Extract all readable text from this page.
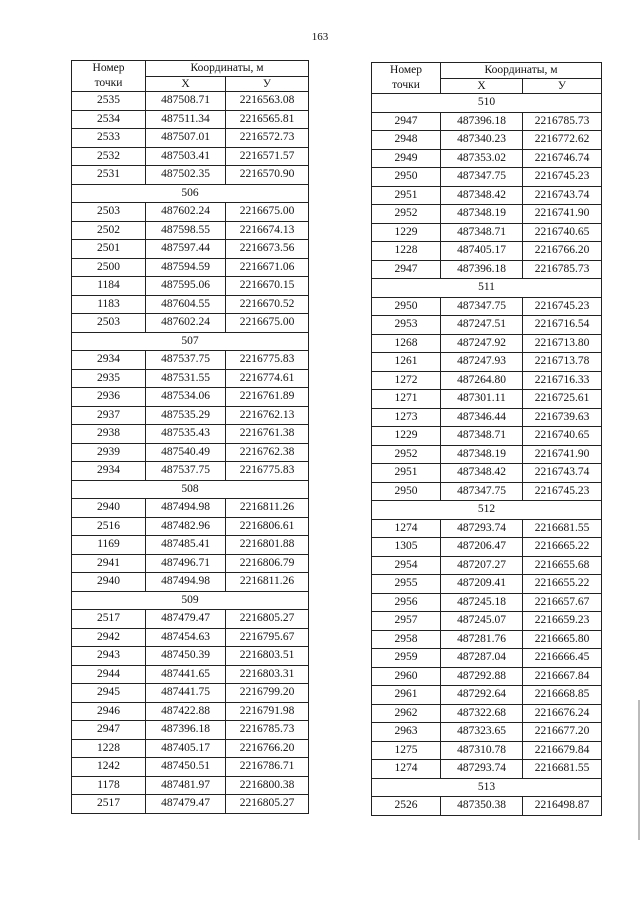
163
Номер
точки	Координаты, м	
	Х	У
2535	487508.71	2216563.08
2534	487511.34	2216565.81
2533	487507.01	2216572.73
2532	487503.41	2216571.57
2531	487502.35	2216570.90
506		
2503	487602.24	2216675.00
2502	487598.55	2216674.13
2501	487597.44	2216673.56
2500	487594.59	2216671.06
1184	487595.06	2216670.15
1183	487604.55	2216670.52
2503	487602.24	2216675.00
507		
2934	487537.75	2216775.83
2935	487531.55	2216774.61
2936	487534.06	2216761.89
2937	487535.29	2216762.13
2938	487535.43	2216761.38
2939	487540.49	2216762.38
2934	487537.75	2216775.83
508		
2940	487494.98	2216811.26
2516	487482.96	2216806.61
1169	487485.41	2216801.88
2941	487496.71	2216806.79
2940	487494.98	2216811.26
509		
2517	487479.47	2216805.27
2942	487454.63	2216795.67
2943	487450.39	2216803.51
2944	487441.65	2216803.31
2945	487441.75	2216799.20
2946	487422.88	2216791.98
2947	487396.18	2216785.73
1228	487405.17	2216766.20
1242	487450.51	2216786.71
1178	487481.97	2216800.38
2517	487479.47	2216805.27
Номер
точки	Координаты, м	
	Х	У
510		
2947	487396.18	2216785.73
2948	487340.23	2216772.62
2949	487353.02	2216746.74
2950	487347.75	2216745.23
2951	487348.42	2216743.74
2952	487348.19	2216741.90
1229	487348.71	2216740.65
1228	487405.17	2216766.20
2947	487396.18	2216785.73
511		
2950	487347.75	2216745.23
2953	487247.51	2216716.54
1268	487247.92	2216713.80
1261	487247.93	2216713.78
1272	487264.80	2216716.33
1271	487301.11	2216725.61
1273	487346.44	2216739.63
1229	487348.71	2216740.65
2952	487348.19	2216741.90
2951	487348.42	2216743.74
2950	487347.75	2216745.23
512		
1274	487293.74	2216681.55
1305	487206.47	2216665.22
2954	487207.27	2216655.68
2955	487209.41	2216655.22
2956	487245.18	2216657.67
2957	487245.07	2216659.23
2958	487281.76	2216665.80
2959	487287.04	2216666.45
2960	487292.88	2216667.84
2961	487292.64	2216668.85
2962	487322.68	2216676.24
2963	487323.65	2216677.20
1275	487310.78	2216679.84
1274	487293.74	2216681.55
513		
2526	487350.38	2216498.87
